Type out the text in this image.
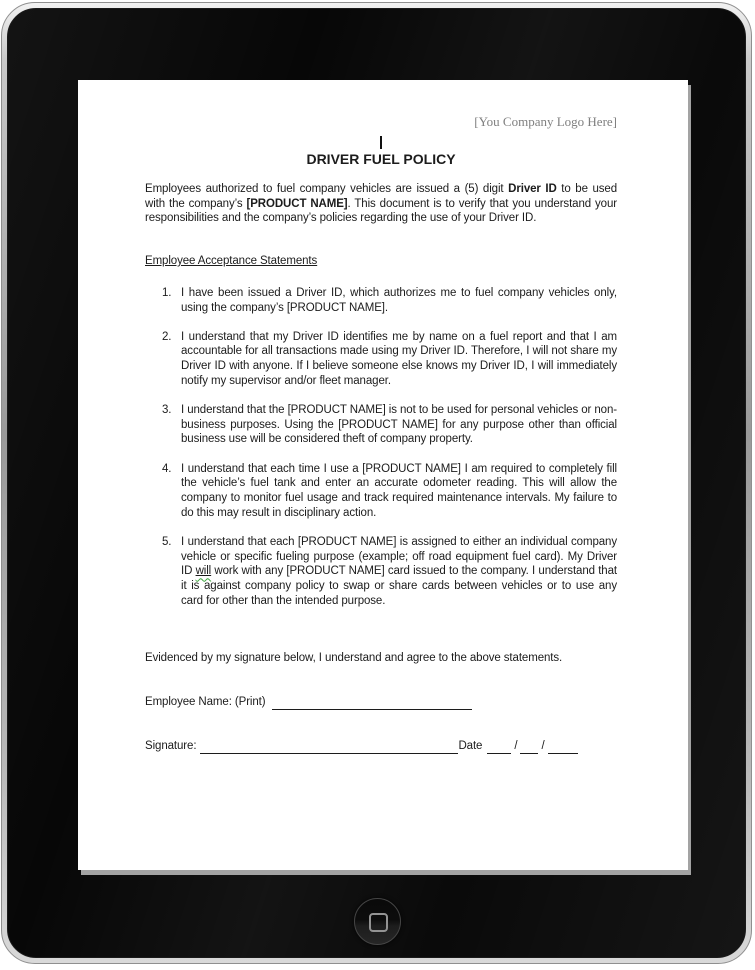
[You Company Logo Here]
DRIVER FUEL POLICY
Employees authorized to fuel company vehicles are issued a (5) digit Driver ID to be used with the company’s [PRODUCT NAME]. This document is to verify that you understand your responsibilities and the company’s policies regarding the use of your Driver ID.
Employee Acceptance Statements
1. I have been issued a Driver ID, which authorizes me to fuel company vehicles only, using the company’s [PRODUCT NAME].
2. I understand that my Driver ID identifies me by name on a fuel report and that I am accountable for all transactions made using my Driver ID. Therefore, I will not share my Driver ID with anyone. If I believe someone else knows my Driver ID, I will immediately notify my supervisor and/or fleet manager.
3. I understand that the [PRODUCT NAME] is not to be used for personal vehicles or non-business purposes. Using the [PRODUCT NAME] for any purpose other than official business use will be considered theft of company property.
4. I understand that each time I use a [PRODUCT NAME] I am required to completely fill the vehicle’s fuel tank and enter an accurate odometer reading. This will allow the company to monitor fuel usage and track required maintenance intervals. My failure to do this may result in disciplinary action.
5. I understand that each [PRODUCT NAME] is assigned to either an individual company vehicle or specific fueling purpose (example; off road equipment fuel card). My Driver ID will work with any [PRODUCT NAME] card issued to the company. I understand that it is against company policy to swap or share cards between vehicles or to use any card for other than the intended purpose.
Evidenced by my signature below, I understand and agree to the above statements.
Employee Name: (Print)
Signature:	Date	/ /
